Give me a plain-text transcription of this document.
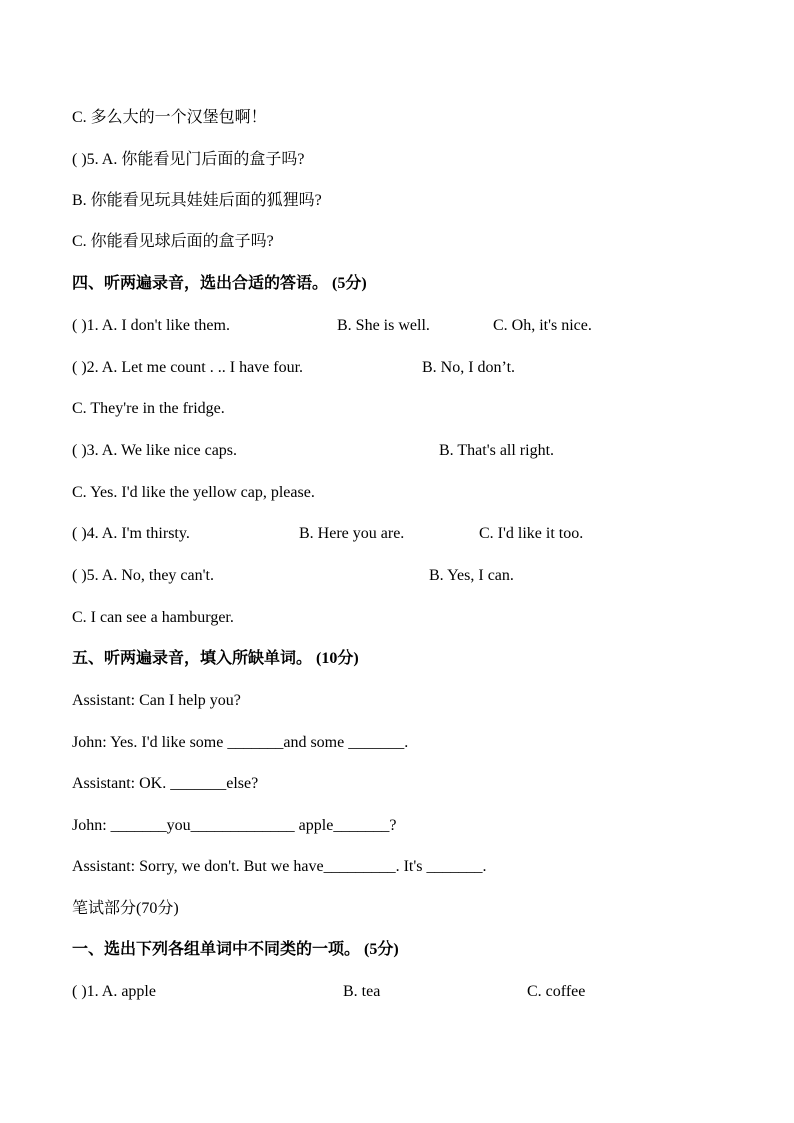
C. 多么大的一个汉堡包啊！
( )5. A. 你能看见门后面的盒子吗?
B. 你能看见玩具娃娃后面的狐狸吗?
C. 你能看见球后面的盒子吗?
四、听两遍录音，选出合适的答语。 (5分)
( )1. A. I don't like them.	B. She is well.	C. Oh, it's nice.
( )2. A. Let me count . .. I have four.	B. No, I don’t.
C. They're in the fridge.
( )3. A. We like nice caps.	B. That's all right.
C. Yes. I'd like the yellow cap, please.
( )4. A. I'm thirsty.	B. Here you are.	C. I'd like it too.
( )5. A. No, they can't.	B. Yes, I can.
C. I can see a hamburger.
五、听两遍录音，填入所缺单词。 (10分)
Assistant: Can I help you?
John: Yes. I'd like some _______and some _______.
Assistant: OK. _______else?
John: _______you_____________ apple_______?
Assistant: Sorry, we don't. But we have_________. It's _______.
笔试部分(70分)
一、选出下列各组单词中不同类的一项。 (5分)
( )1. A. apple	B. tea	C. coffee
